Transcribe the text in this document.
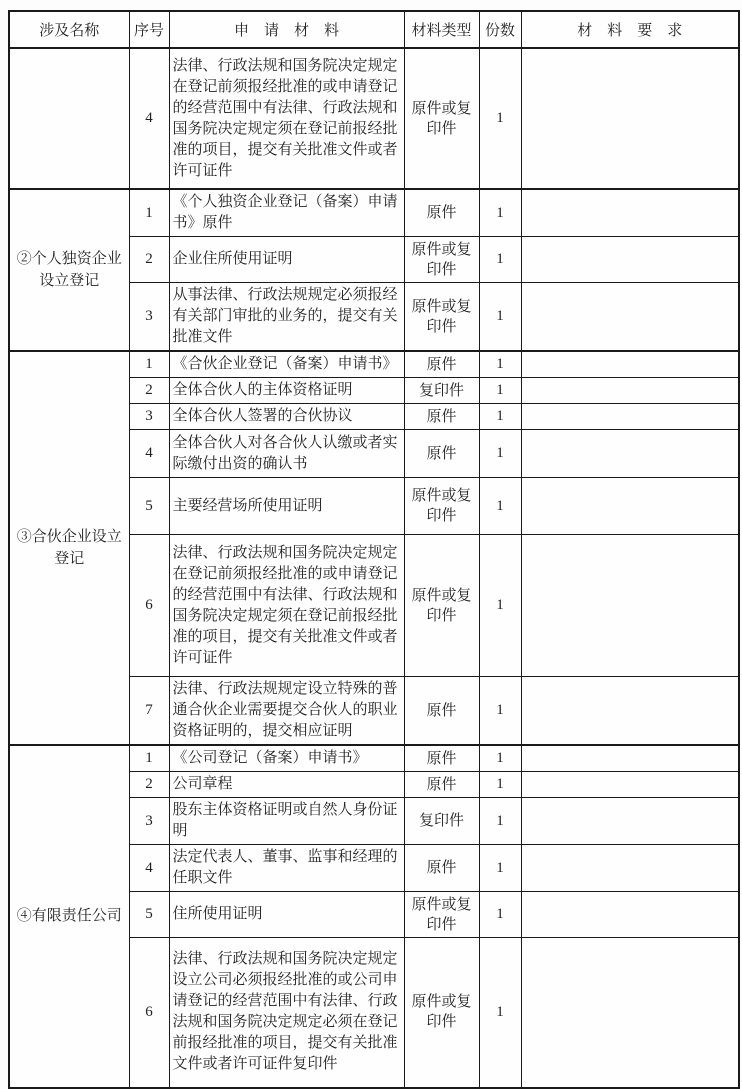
涉及名称	序号	申　请　材　料	材料类型	份数	材　料　要　求
	4	法律、行政法规和国务院决定规定在登记前须报经批准的或申请登记的经营范围中有法律、行政法规和国务院决定规定须在登记前报经批准的项目，提交有关批准文件或者许可证件	原件或复印件	1	
②个人独资企业设立登记	1	《个人独资企业登记（备案）申请书》原件	原件	1	
	2	企业住所使用证明	原件或复印件	1	
	3	从事法律、行政法规规定必须报经有关部门审批的业务的，提交有关批准文件	原件或复印件	1	
③合伙企业设立登记	1	《合伙企业登记（备案）申请书》	原件	1	
	2	全体合伙人的主体资格证明	复印件	1	
	3	全体合伙人签署的合伙协议	原件	1	
	4	全体合伙人对各合伙人认缴或者实际缴付出资的确认书	原件	1	
	5	主要经营场所使用证明	原件或复印件	1	
	6	法律、行政法规和国务院决定规定在登记前须报经批准的或申请登记的经营范围中有法律、行政法规和国务院决定规定须在登记前报经批准的项目，提交有关批准文件或者许可证件	原件或复印件	1	
	7	法律、行政法规规定设立特殊的普通合伙企业需要提交合伙人的职业资格证明的，提交相应证明	原件	1	
④有限责任公司	1	《公司登记（备案）申请书》	原件	1	
	2	公司章程	原件	1	
	3	股东主体资格证明或自然人身份证明	复印件	1	
	4	法定代表人、董事、监事和经理的任职文件	原件	1	
	5	住所使用证明	原件或复印件	1	
	6	法律、行政法规和国务院决定规定设立公司必须报经批准的或公司申请登记的经营范围中有法律、行政法规和国务院决定规定必须在登记前报经批准的项目，提交有关批准文件或者许可证件复印件	原件或复印件	1	
